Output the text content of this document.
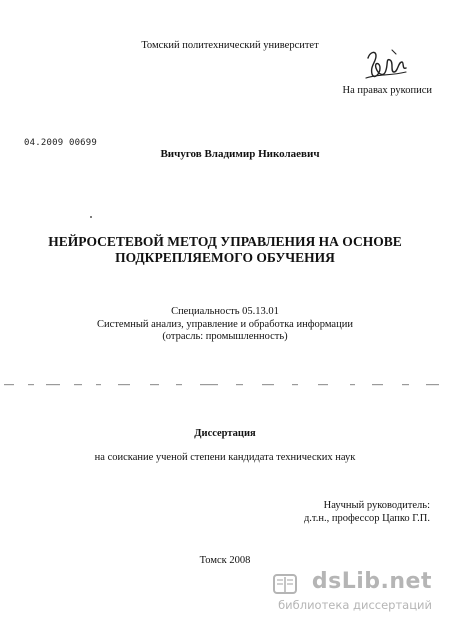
Томский политехнический университет
На правах рукописи
04.2009 00699
Вичугов Владимир Николаевич
НЕЙРОСЕТЕВОЙ МЕТОД УПРАВЛЕНИЯ НА ОСНОВЕ
ПОДКРЕПЛЯЕМОГО ОБУЧЕНИЯ
Специальность 05.13.01
Системный анализ, управление и обработка информации
(отрасль: промышленность)
Диссертация
на соискание ученой степени кандидата технических наук
Научный руководитель:
д.т.н., профессор Цапко Г.П.
Томск 2008
dsLib.net
библиотека диссертаций
